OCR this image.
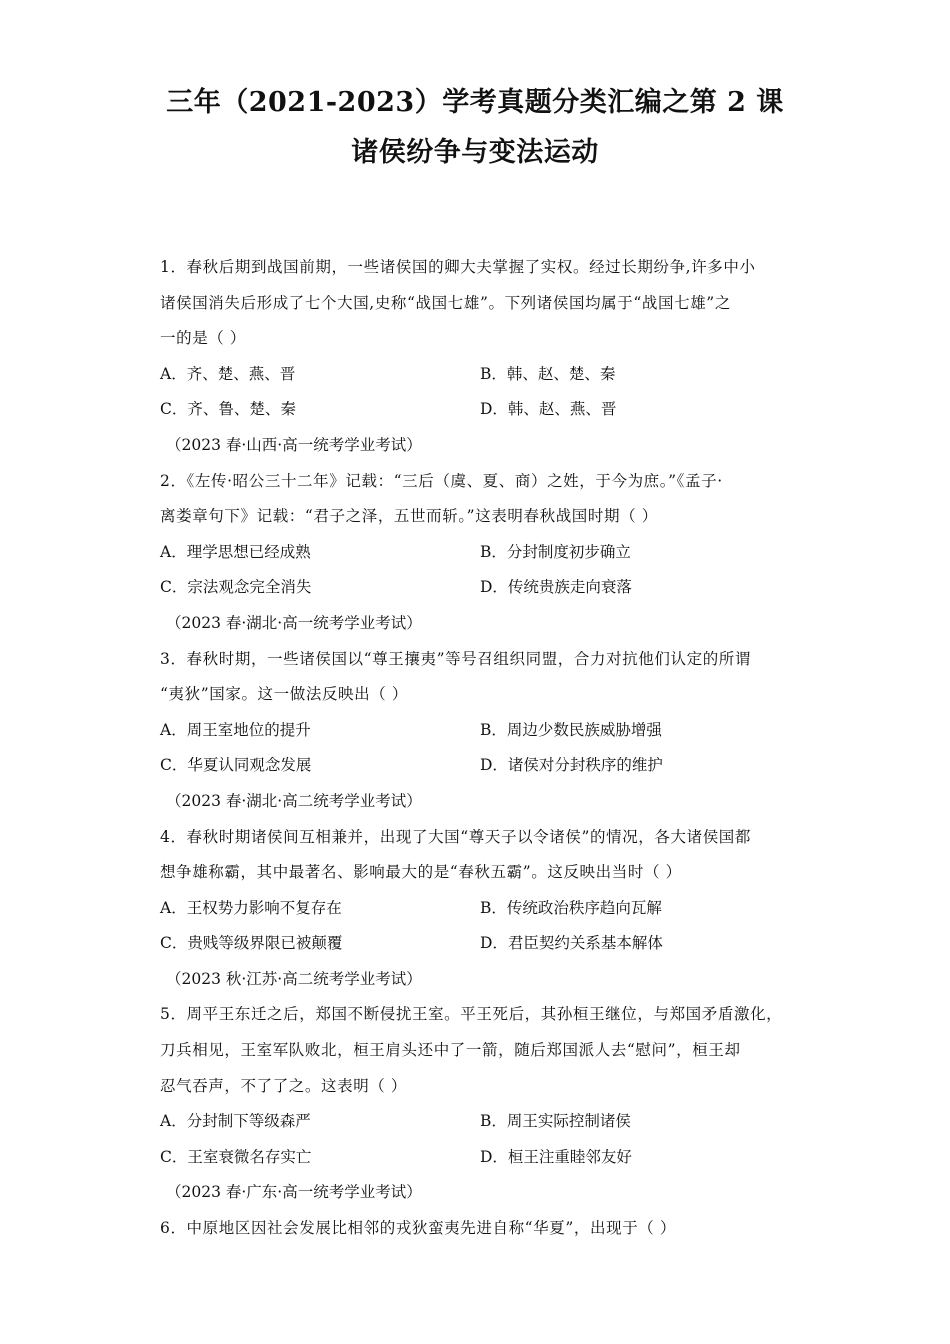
三年（2021-2023）学考真题分类汇编之第 2 课
诸侯纷争与变法运动
1．春秋后期到战国前期，一些诸侯国的卿大夫掌握了实权。经过长期纷争,许多中小
诸侯国消失后形成了七个大国,史称“战国七雄”。下列诸侯国均属于“战国七雄”之
一的是（ ）
A．齐、楚、燕、晋	B．韩、赵、楚、秦
C．齐、鲁、楚、秦	D．韩、赵、燕、晋
（2023 春·山西·高一统考学业考试）
2．《左传·昭公三十二年》记载：“三后（虞、夏、商）之姓，于今为庶。”《孟子·
离娄章句下》记载：“君子之泽，五世而斩。”这表明春秋战国时期（ ）
A．理学思想已经成熟	B．分封制度初步确立
C．宗法观念完全消失	D．传统贵族走向衰落
（2023 春·湖北·高一统考学业考试）
3．春秋时期，一些诸侯国以“尊王攘夷”等号召组织同盟，合力对抗他们认定的所谓
“夷狄”国家。这一做法反映出（ ）
A．周王室地位的提升	B．周边少数民族威胁增强
C．华夏认同观念发展	D．诸侯对分封秩序的维护
（2023 春·湖北·高二统考学业考试）
4．春秋时期诸侯间互相兼并，出现了大国“尊天子以令诸侯”的情况，各大诸侯国都
想争雄称霸，其中最著名、影响最大的是“春秋五霸”。这反映出当时（ ）
A．王权势力影响不复存在	B．传统政治秩序趋向瓦解
C．贵贱等级界限已被颠覆	D．君臣契约关系基本解体
（2023 秋·江苏·高二统考学业考试）
5．周平王东迁之后，郑国不断侵扰王室。平王死后，其孙桓王继位，与郑国矛盾激化，
刀兵相见，王室军队败北，桓王肩头还中了一箭，随后郑国派人去“慰问”，桓王却
忍气吞声，不了了之。这表明（ ）
A．分封制下等级森严	B．周王实际控制诸侯
C．王室衰微名存实亡	D．桓王注重睦邻友好
（2023 春·广东·高一统考学业考试）
6．中原地区因社会发展比相邻的戎狄蛮夷先进自称“华夏”，出现于（ ）
